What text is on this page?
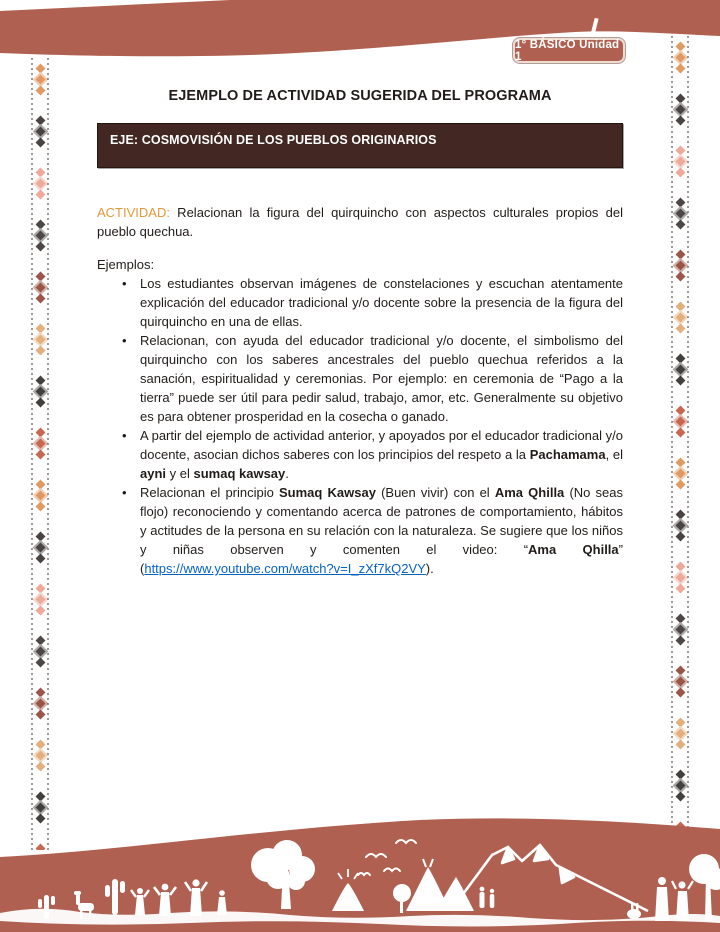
1° BÁSICO Unidad 1
EJEMPLO DE ACTIVIDAD SUGERIDA DEL PROGRAMA
EJE: COSMOVISIÓN DE LOS PUEBLOS ORIGINARIOS

ACTIVIDAD: Relacionan la figura del quirquincho con aspectos culturales propios del pueblo quechua.

Ejemplos:

• Los estudiantes observan imágenes de constelaciones y escuchan atentamente explicación del educador tradicional y/o docente sobre la presencia de la figura del quirquincho en una de ellas.
• Relacionan, con ayuda del educador tradicional y/o docente, el simbolismo del quirquincho con los saberes ancestrales del pueblo quechua referidos a la sanación, espiritualidad y ceremonias. Por ejemplo: en ceremonia de “Pago a la tierra” puede ser útil para pedir salud, trabajo, amor, etc. Generalmente su objetivo es para obtener prosperidad en la cosecha o ganado.
• A partir del ejemplo de actividad anterior, y apoyados por el educador tradicional y/o docente, asocian dichos saberes con los principios del respeto a la Pachamama, el ayni y el sumaq kawsay.
• Relacionan el principio Sumaq Kawsay (Buen vivir) con el Ama Qhilla (No seas flojo) reconociendo y comentando acerca de patrones de comportamiento, hábitos y actitudes de la persona en su relación con la naturaleza. Se sugiere que los niños y niñas observen y comenten el video: “Ama Qhilla” (https://www.youtube.com/watch?v=I_zXf7kQ2VY).
